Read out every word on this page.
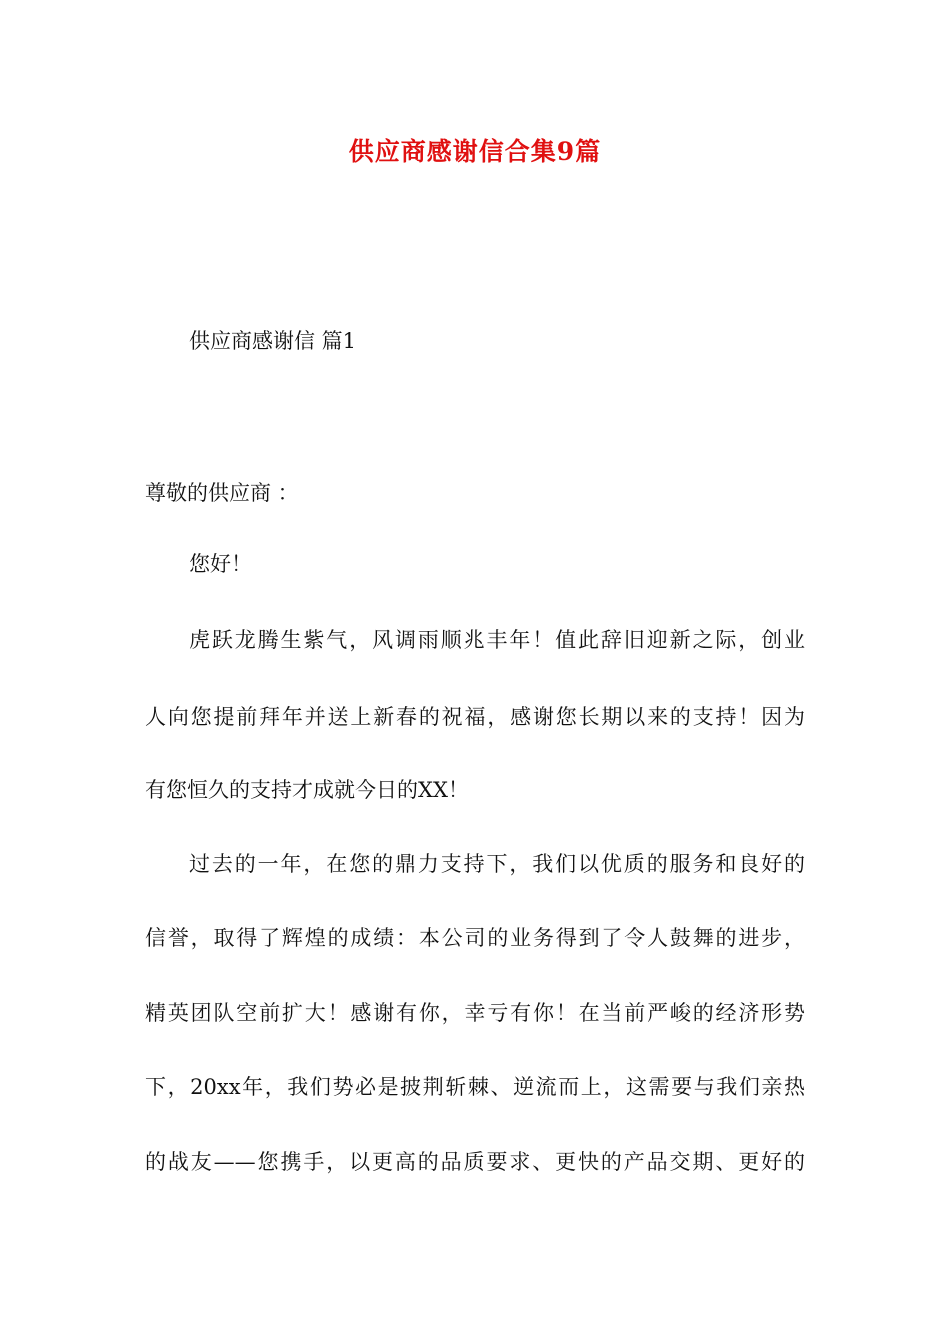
供应商感谢信合集9篇
供应商感谢信 篇1
尊敬的供应商 ：
您好！
虎跃龙腾生紫气，风调雨顺兆丰年！值此辞旧迎新之际，创业
人向您提前拜年并送上新春的祝福，感谢您长期以来的支持！因为
有您恒久的支持才成就今日的XX！
过去的一年，在您的鼎力支持下，我们以优质的服务和良好的
信誉，取得了辉煌的成绩：本公司的业务得到了令人鼓舞的进步，
精英团队空前扩大！感谢有你，幸亏有你！在当前严峻的经济形势
下，20xx年，我们势必是披荆斩棘、逆流而上，这需要与我们亲热
的战友——您携手，以更高的品质要求、更快的产品交期、更好的
